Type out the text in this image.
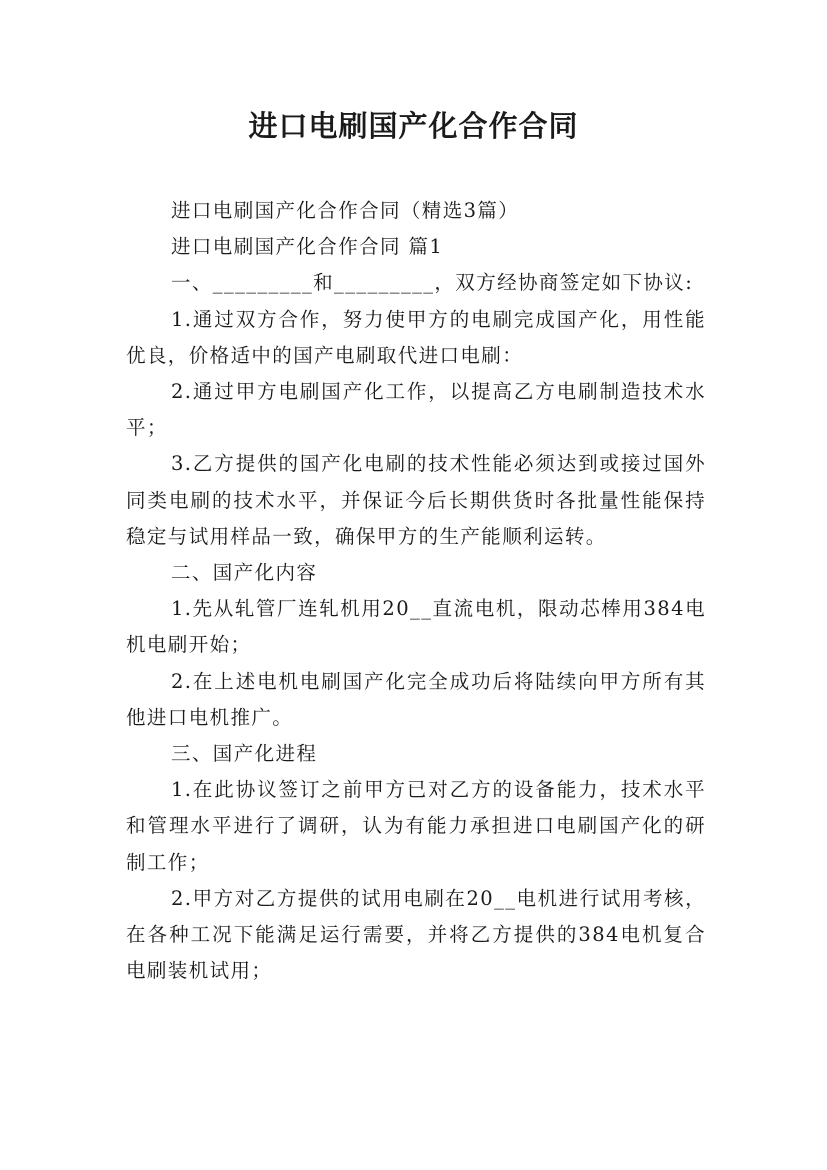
进口电刷国产化合作合同

进口电刷国产化合作合同（精选3篇）

进口电刷国产化合作合同 篇1

一、_________和_________，双方经协商签定如下协议:

1.通过双方合作，努力使甲方的电刷完成国产化，用性能优良，价格适中的国产电刷取代进口电刷：

2.通过甲方电刷国产化工作，以提高乙方电刷制造技术水平；

3.乙方提供的国产化电刷的技术性能必须达到或接过国外同类电刷的技术水平，并保证今后长期供货时各批量性能保持稳定与试用样品一致，确保甲方的生产能顺利运转。

二、国产化内容

1.先从轧管厂连轧机用20__直流电机，限动芯棒用384电机电刷开始；

2.在上述电机电刷国产化完全成功后将陆续向甲方所有其他进口电机推广。

三、国产化进程

1.在此协议签订之前甲方已对乙方的设备能力，技术水平和管理水平进行了调研，认为有能力承担进口电刷国产化的研制工作；

2.甲方对乙方提供的试用电刷在20__电机进行试用考核，在各种工况下能满足运行需要，并将乙方提供的384电机复合电刷装机试用；
